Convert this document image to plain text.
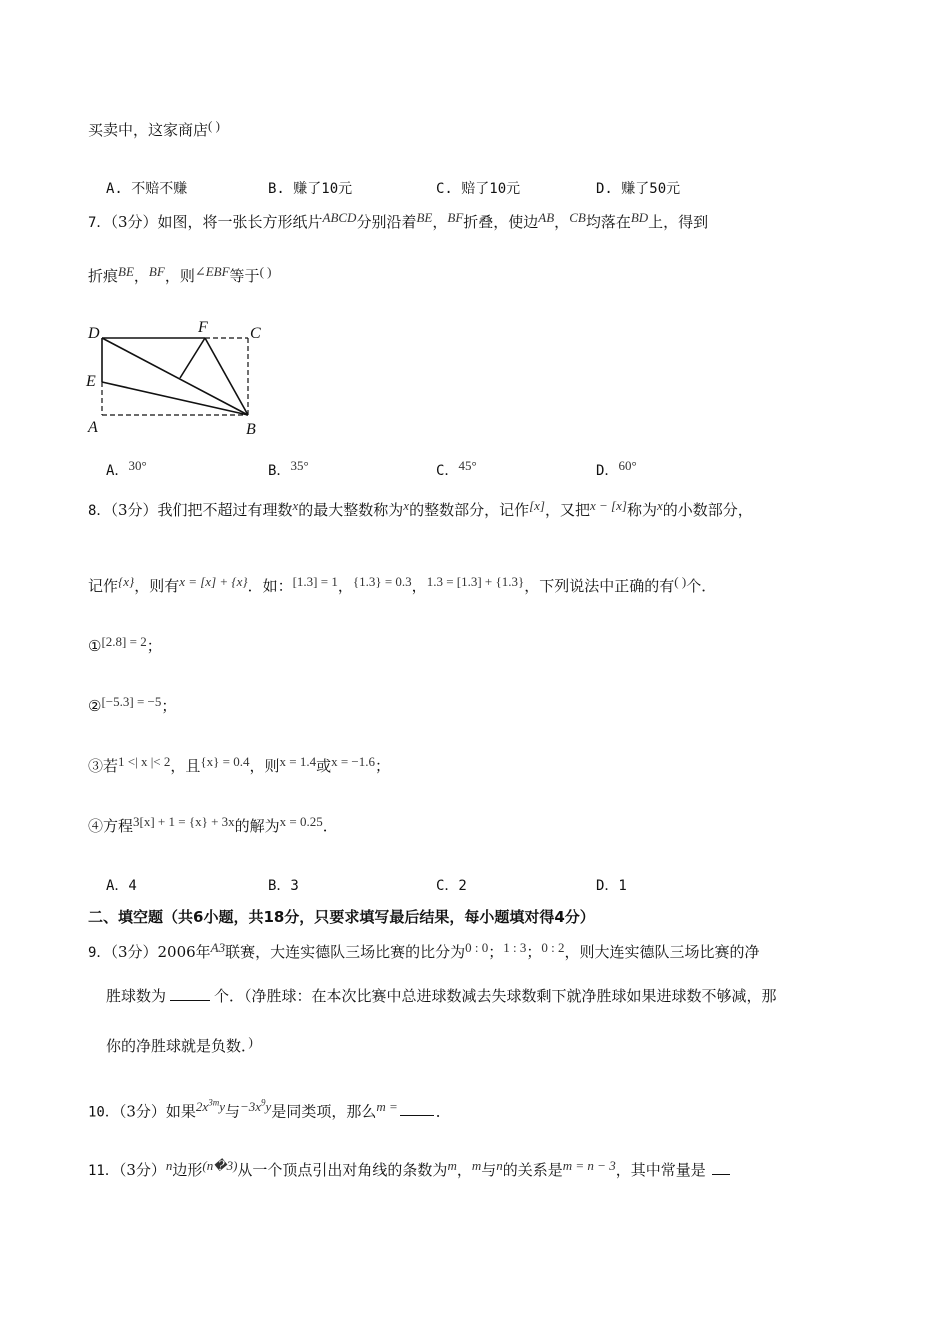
买卖中，这家商店( )
A. 不赔不赚	B. 赚了10元	C. 赔了10元	D. 赚了50元
7．（3分）如图，将一张长方形纸片ABCD分别沿着BE，BF折叠，使边AB，CB均落在BD上，得到
折痕BE，BF，则∠EBF等于( )
D	F	C
E
A	B
A．30°	B．35°	C．45°	D．60°
8．（3分）我们把不超过有理数x的最大整数称为x的整数部分，记作[x]，又把x − [x]称为x的小数部分，
记作{x}，则有x = [x] + {x}．如：[1.3] = 1，{1.3} = 0.3，1.3 = [1.3] + {1.3}，下列说法中正确的有( )个．
①[2.8] = 2；
②[−5.3] = −5；
③若1 <| x |< 2，且{x} = 0.4，则x = 1.4或x = −1.6；
④方程3[x] + 1 = {x} + 3x的解为x = 0.25．
A．4	B．3	C．2	D．1
二、填空题（共6小题，共18分，只要求填写最后结果，每小题填对得4分）
9．（3分）2006年A3联赛，大连实德队三场比赛的比分为0 : 0；1 : 3；0 : 2，则大连实德队三场比赛的净
胜球数为	个．（净胜球：在本次比赛中总进球数减去失球数剩下就净胜球如果进球数不够减，那
你的净胜球就是负数．)
10．（3分）如果$2x^{3m}y$与$-3x^9y$是同类项，那么m =	．
11．（3分）n边形(n�3)从一个顶点引出对角线的条数为m，m与n的关系是m = n − 3，其中常量是
